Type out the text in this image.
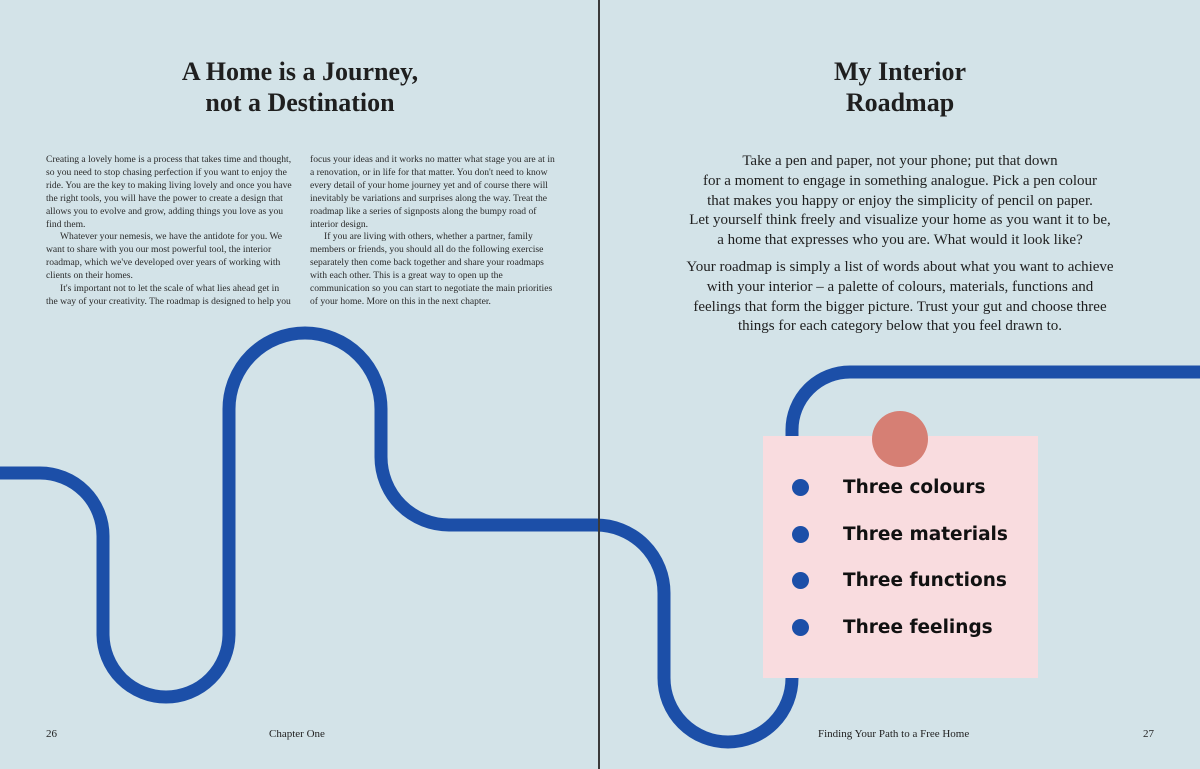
A Home is a Journey,
not a Destination

Creating a lovely home is a process that takes time and thought, so you need to stop chasing perfection if you want to enjoy the ride. You are the key to making living lovely and once you have the right tools, you will have the power to create a design that allows you to evolve and grow, adding things you love as you find them.

Whatever your nemesis, we have the antidote for you. We want to share with you our most powerful tool, the interior roadmap, which we've developed over years of working with clients on their homes.

It's important not to let the scale of what lies ahead get in the way of your creativity. The roadmap is designed to help you

focus your ideas and it works no matter what stage you are at in a renovation, or in life for that matter. You don't need to know every detail of your home journey yet and of course there will inevitably be variations and surprises along the way. Treat the roadmap like a series of signposts along the bumpy road of interior design.

If you are living with others, whether a partner, family members or friends, you should all do the following exercise separately then come back together and share your roadmaps with each other. This is a great way to open up the communication so you can start to negotiate the main priorities of your home. More on this in the next chapter.

26	Chapter One
My Interior
Roadmap

Take a pen and paper, not your phone; put that down

for a moment to engage in something analogue. Pick a pen colour

that makes you happy or enjoy the simplicity of pencil on paper.

Let yourself think freely and visualize your home as you want it to be,

a home that expresses who you are. What would it look like?

Your roadmap is simply a list of words about what you want to achieve

with your interior – a palette of colours, materials, functions and

feelings that form the bigger picture. Trust your gut and choose three

things for each category below that you feel drawn to.

Three colours
Three materials
Three functions
Three feelings
Finding Your Path to a Free Home	27
